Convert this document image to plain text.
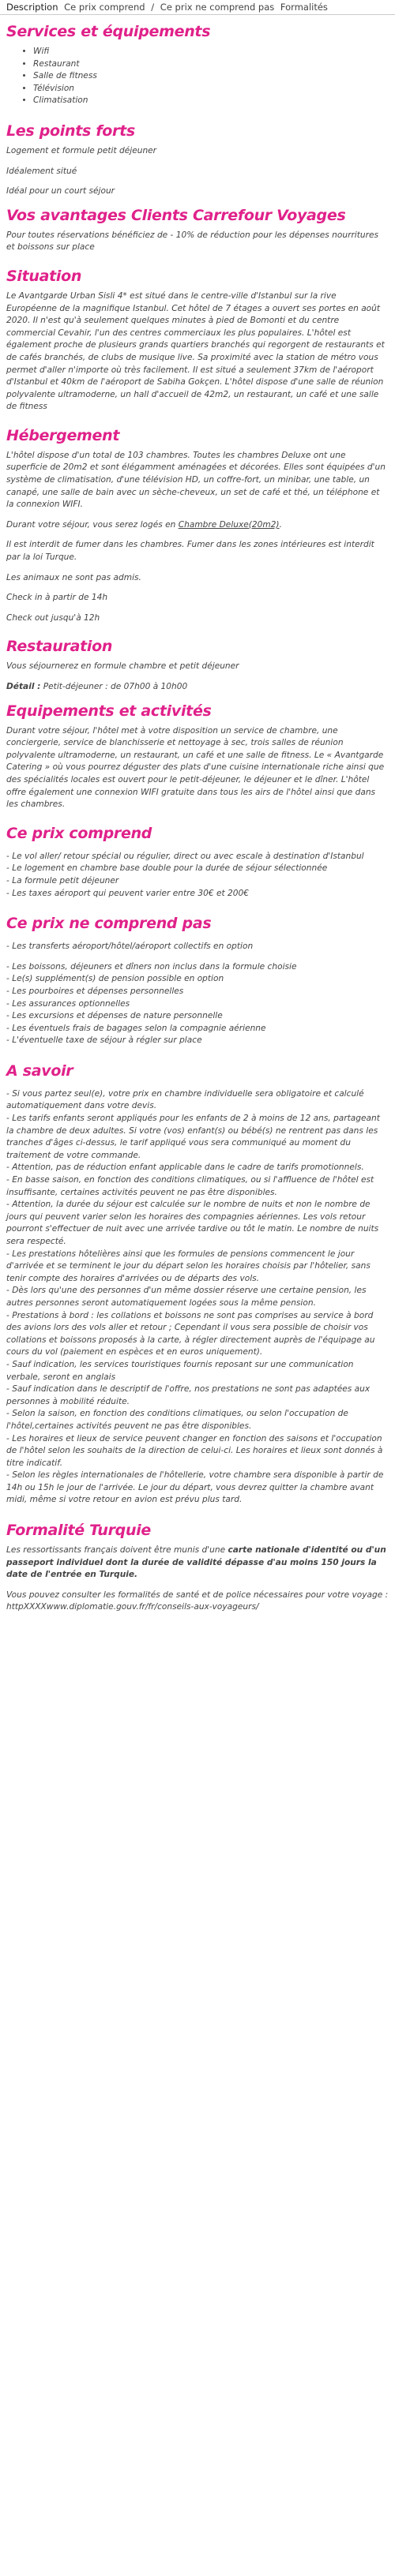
Description Ce prix comprend / Ce prix ne comprend pas Formalités
Services et équipements
• Wifi
• Restaurant
• Salle de fitness
• Télévision
• Climatisation
Les points forts

Logement et formule petit déjeuner

Idéalement situé

Idéal pour un court séjour

Vos avantages Clients Carrefour Voyages

Pour toutes réservations bénéficiez de - 10% de réduction pour les dépenses nourritures et boissons sur place

Situation

Le Avantgarde Urban Sisli 4* est situé dans le centre-ville d'Istanbul sur la rive Européenne de la magnifique Istanbul. Cet hôtel de 7 étages a ouvert ses portes en août 2020. Il n'est qu'à seulement quelques minutes à pied de Bomonti et du centre commercial Cevahir, l'un des centres commerciaux les plus populaires. L'hôtel est également proche de plusieurs grands quartiers branchés qui regorgent de restaurants et de cafés branchés, de clubs de musique live. Sa proximité avec la station de métro vous permet d'aller n'importe où très facilement. Il est situé a seulement 37km de l'aéroport d'Istanbul et 40km de l'aéroport de Sabiha Gokçen. L'hôtel dispose d'une salle de réunion polyvalente ultramoderne, un hall d'accueil de 42m2, un restaurant, un café et une salle de fitness

Hébergement

L'hôtel dispose d'un total de 103 chambres. Toutes les chambres Deluxe ont une superficie de 20m2 et sont élégamment aménagées et décorées. Elles sont équipées d'un système de climatisation, d'une télévision HD, un coffre-fort, un minibar, une table, un canapé, une salle de bain avec un sèche-cheveux, un set de café et thé, un téléphone et la connexion WIFI.

Durant votre séjour, vous serez logés en Chambre Deluxe(20m2).

Il est interdit de fumer dans les chambres. Fumer dans les zones intérieures est interdit par la loi Turque.

Les animaux ne sont pas admis.

Check in à partir de 14h

Check out jusqu'à 12h

Restauration

Vous séjournerez en formule chambre et petit déjeuner

Détail : Petit-déjeuner : de 07h00 à 10h00

Equipements et activités

Durant votre séjour, l'hôtel met à votre disposition un service de chambre, une conciergerie, service de blanchisserie et nettoyage à sec, trois salles de réunion polyvalente ultramoderne, un restaurant, un café et une salle de fitness. Le « Avantgarde Catering » où vous pourrez déguster des plats d'une cuisine internationale riche ainsi que des spécialités locales est ouvert pour le petit-déjeuner, le déjeuner et le dîner. L'hôtel offre également une connexion WIFI gratuite dans tous les airs de l'hôtel ainsi que dans les chambres.

Ce prix comprend
- Le vol aller/ retour spécial ou régulier, direct ou avec escale à destination d'Istanbul
- Le logement en chambre base double pour la durée de séjour sélectionnée
- La formule petit déjeuner
- Les taxes aéroport qui peuvent varier entre 30€ et 200€
Ce prix ne comprend pas
- Les transferts aéroport/hôtel/aéroport collectifs en option
- Les boissons, déjeuners et dîners non inclus dans la formule choisie
- Le(s) supplément(s) de pension possible en option
- Les pourboires et dépenses personnelles
- Les assurances optionnelles
- Les excursions et dépenses de nature personnelle
- Les éventuels frais de bagages selon la compagnie aérienne
- L'éventuelle taxe de séjour à régler sur place
A savoir

- Si vous partez seul(e), votre prix en chambre individuelle sera obligatoire et calculé automatiquement dans votre devis.
- Les tarifs enfants seront appliqués pour les enfants de 2 à moins de 12 ans, partageant la chambre de deux adultes. Si votre (vos) enfant(s) ou bébé(s) ne rentrent pas dans les tranches d'âges ci-dessus, le tarif appliqué vous sera communiqué au moment du traitement de votre commande.
- Attention, pas de réduction enfant applicable dans le cadre de tarifs promotionnels.
- En basse saison, en fonction des conditions climatiques, ou si l'affluence de l'hôtel est insuffisante, certaines activités peuvent ne pas être disponibles.
- Attention, la durée du séjour est calculée sur le nombre de nuits et non le nombre de jours qui peuvent varier selon les horaires des compagnies aériennes. Les vols retour pourront s'effectuer de nuit avec une arrivée tardive ou tôt le matin. Le nombre de nuits sera respecté.
- Les prestations hôtelières ainsi que les formules de pensions commencent le jour d'arrivée et se terminent le jour du départ selon les horaires choisis par l'hôtelier, sans tenir compte des horaires d'arrivées ou de départs des vols.
- Dès lors qu'une des personnes d'un même dossier réserve une certaine pension, les autres personnes seront automatiquement logées sous la même pension.
- Prestations à bord : les collations et boissons ne sont pas comprises au service à bord des avions lors des vols aller et retour ; Cependant il vous sera possible de choisir vos collations et boissons proposés à la carte, à régler directement auprès de l'équipage au cours du vol (paiement en espèces et en euros uniquement).
- Sauf indication, les services touristiques fournis reposant sur une communication verbale, seront en anglais
- Sauf indication dans le descriptif de l'offre, nos prestations ne sont pas adaptées aux personnes à mobilité réduite.
- Selon la saison, en fonction des conditions climatiques, ou selon l'occupation de l'hôtel,certaines activités peuvent ne pas être disponibles.
- Les horaires et lieux de service peuvent changer en fonction des saisons et l'occupation de l'hôtel selon les souhaits de la direction de celui-ci. Les horaires et lieux sont donnés à titre indicatif.
- Selon les règles internationales de l'hôtellerie, votre chambre sera disponible à partir de 14h ou 15h le jour de l'arrivée. Le jour du départ, vous devrez quitter la chambre avant midi, même si votre retour en avion est prévu plus tard.

Formalité Turquie

Les ressortissants français doivent être munis d'une carte nationale d'identité ou d'un passeport individuel dont la durée de validité dépasse d'au moins 150 jours la date de l'entrée en Turquie.

Vous pouvez consulter les formalités de santé et de police nécessaires pour votre voyage : httpXXXXwww.diplomatie.gouv.fr/fr/conseils-aux-voyageurs/
